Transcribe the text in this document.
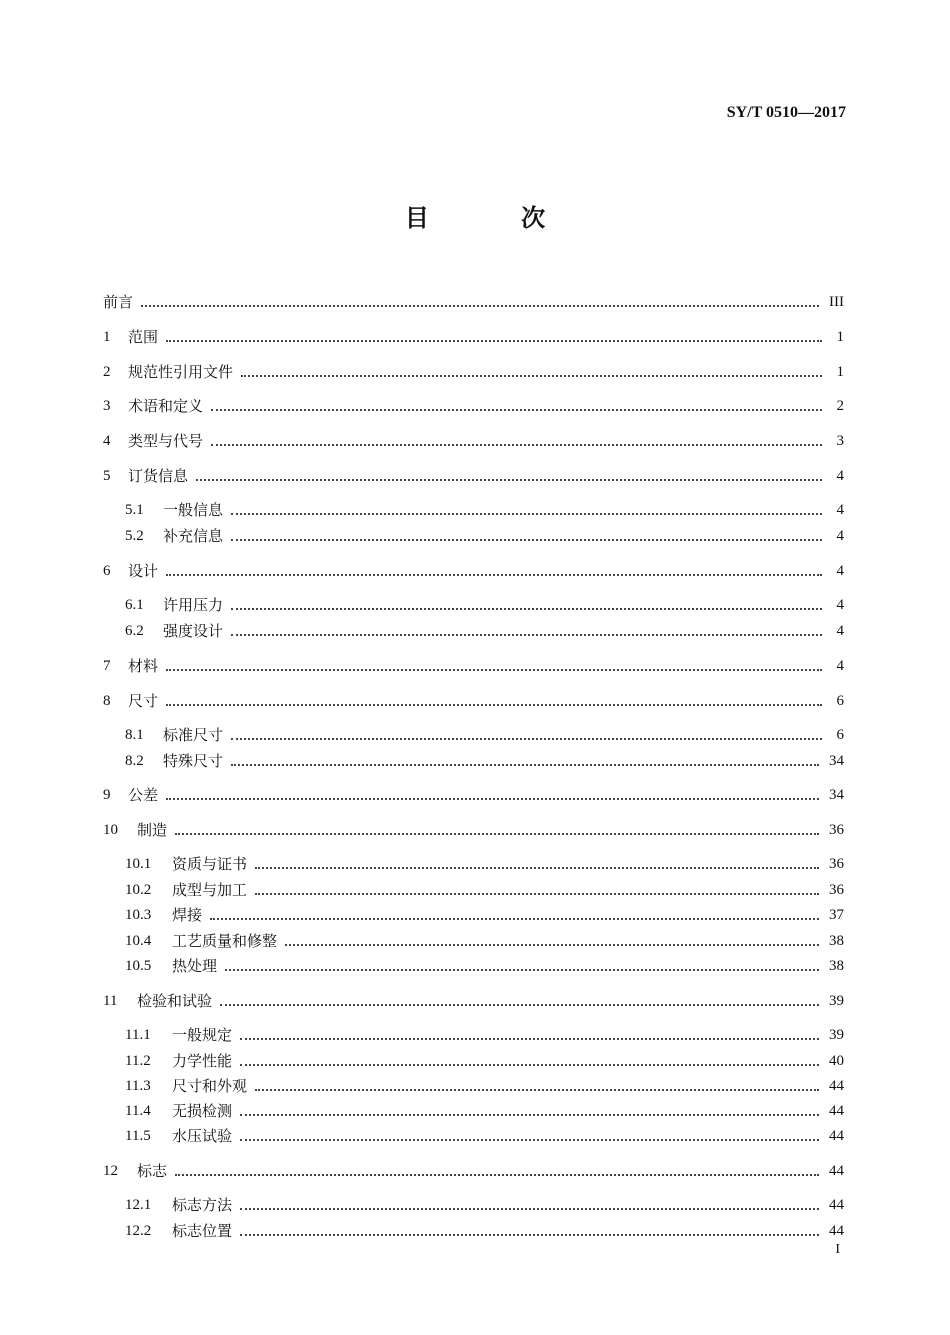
SY/T 0510—2017
目 次
前言	III
1	范围	1
2	规范性引用文件	1
3	术语和定义	2
4	类型与代号	3
5	订货信息	4
5.1	一般信息	4
5.2	补充信息	4
6	设计	4
6.1	许用压力	4
6.2	强度设计	4
7	材料	4
8	尺寸	6
8.1	标准尺寸	6
8.2	特殊尺寸	34
9	公差	34
10	制造	36
10.1	资质与证书	36
10.2	成型与加工	36
10.3	焊接	37
10.4	工艺质量和修整	38
10.5	热处理	38
11	检验和试验	39
11.1	一般规定	39
11.2	力学性能	40
11.3	尺寸和外观	44
11.4	无损检测	44
11.5	水压试验	44
12	标志	44
12.1	标志方法	44
12.2	标志位置	44
I
